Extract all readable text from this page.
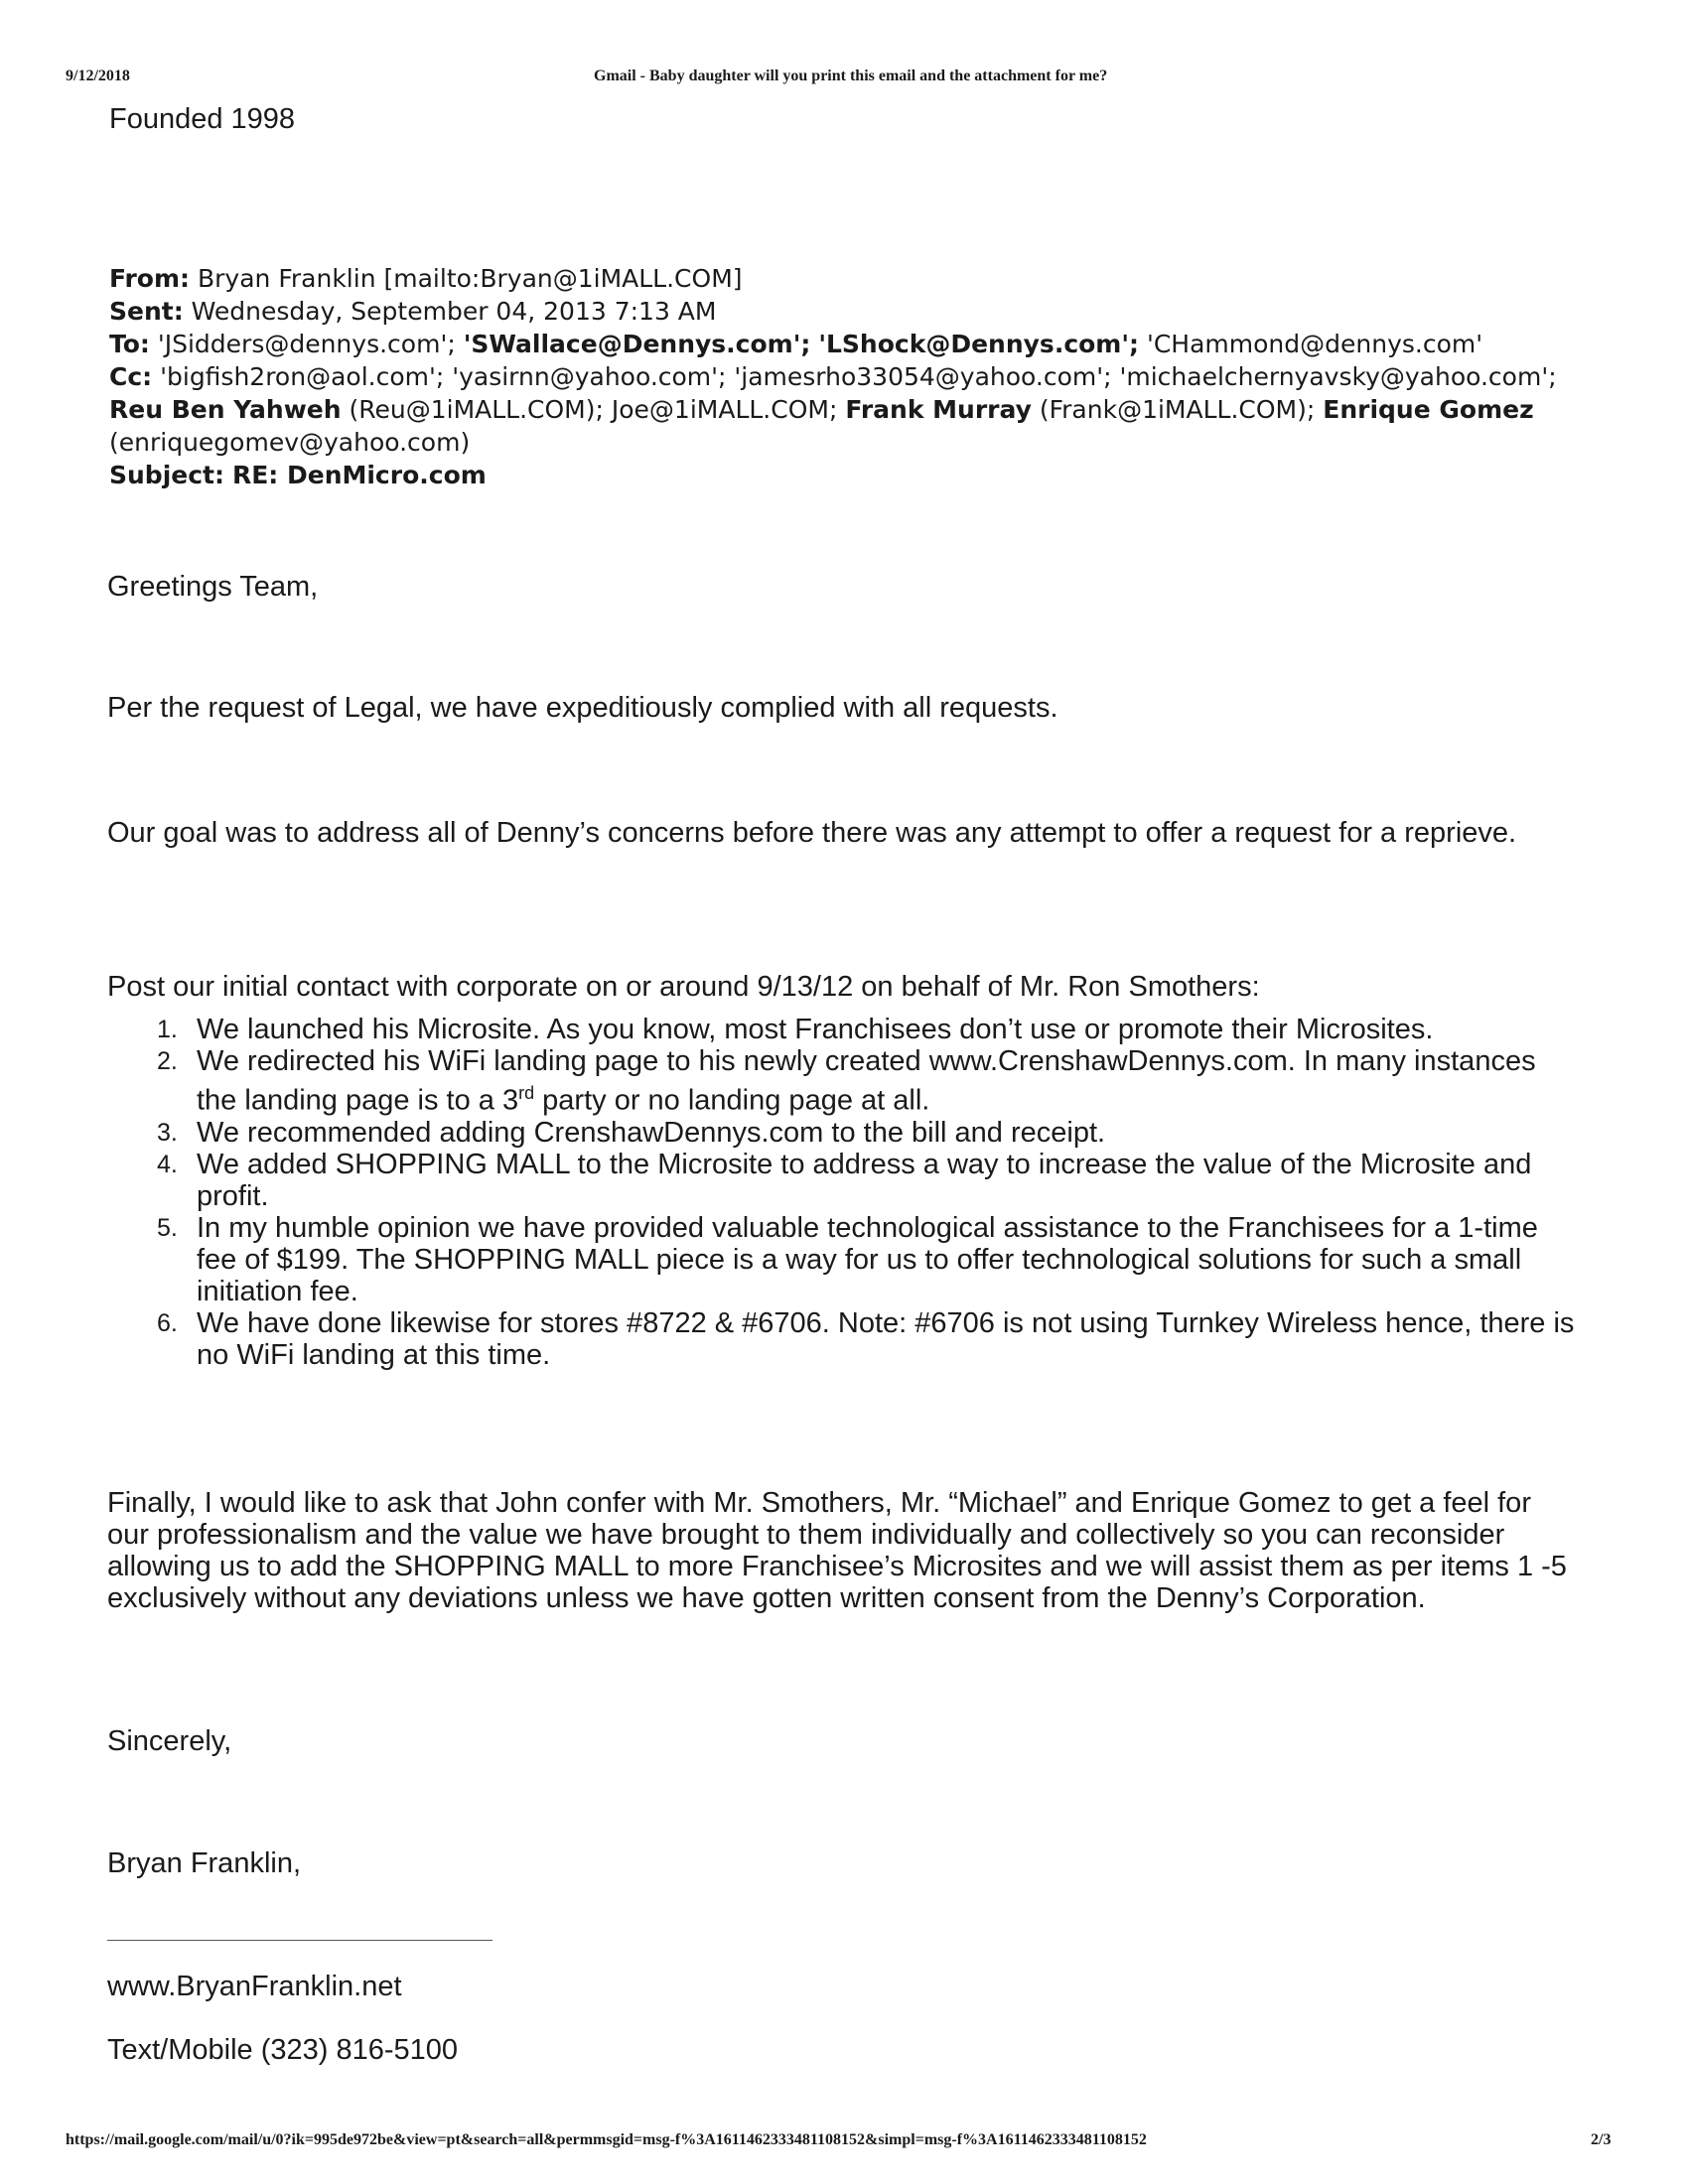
9/12/2018	Gmail - Baby daughter will you print this email and the attachment for me?
Founded 1998
From: Bryan Franklin [mailto:Bryan@1iMALL.COM]
Sent: Wednesday, September 04, 2013 7:13 AM
To: 'JSidders@dennys.com'; 'SWallace@Dennys.com'; 'LShock@Dennys.com'; 'CHammond@dennys.com'
Cc: 'bigfish2ron@aol.com'; 'yasirnn@yahoo.com'; 'jamesrho33054@yahoo.com'; 'michaelchernyavsky@yahoo.com';
Reu Ben Yahweh (Reu@1iMALL.COM); Joe@1iMALL.COM; Frank Murray (Frank@1iMALL.COM); Enrique Gomez
(enriquegomev@yahoo.com)
Subject: RE: DenMicro.com

Greetings Team,

Per the request of Legal, we have expeditiously complied with all requests.

Our goal was to address all of Denny’s concerns before there was any attempt to offer a request for a reprieve.

Post our initial contact with corporate on or around 9/13/12 on behalf of Mr. Ron Smothers:

1. We launched his Microsite. As you know, most Franchisees don’t use or promote their Microsites.
2. We redirected his WiFi landing page to his newly created www.CrenshawDennys.com. In many instances the landing page is to a 3rd party or no landing page at all.
3. We recommended adding CrenshawDennys.com to the bill and receipt.
4. We added SHOPPING MALL to the Microsite to address a way to increase the value of the Microsite and profit.
5. In my humble opinion we have provided valuable technological assistance to the Franchisees for a 1-time fee of $199. The SHOPPING MALL piece is a way for us to offer technological solutions for such a small initiation fee.
6. We have done likewise for stores #8722 & #6706. Note: #6706 is not using Turnkey Wireless hence, there is no WiFi landing at this time.

Finally, I would like to ask that John confer with Mr. Smothers, Mr. “Michael” and Enrique Gomez to get a feel for our professionalism and the value we have brought to them individually and collectively so you can reconsider allowing us to add the SHOPPING MALL to more Franchisee’s Microsites and we will assist them as per items 1 -5 exclusively without any deviations unless we have gotten written consent from the Denny’s Corporation.

Sincerely,

Bryan Franklin,

www.BryanFranklin.net

Text/Mobile (323) 816-5100

https://mail.google.com/mail/u/0?ik=995de972be&view=pt&search=all&permmsgid=msg-f%3A1611462333481108152&simpl=msg-f%3A1611462333481108152	2/3
